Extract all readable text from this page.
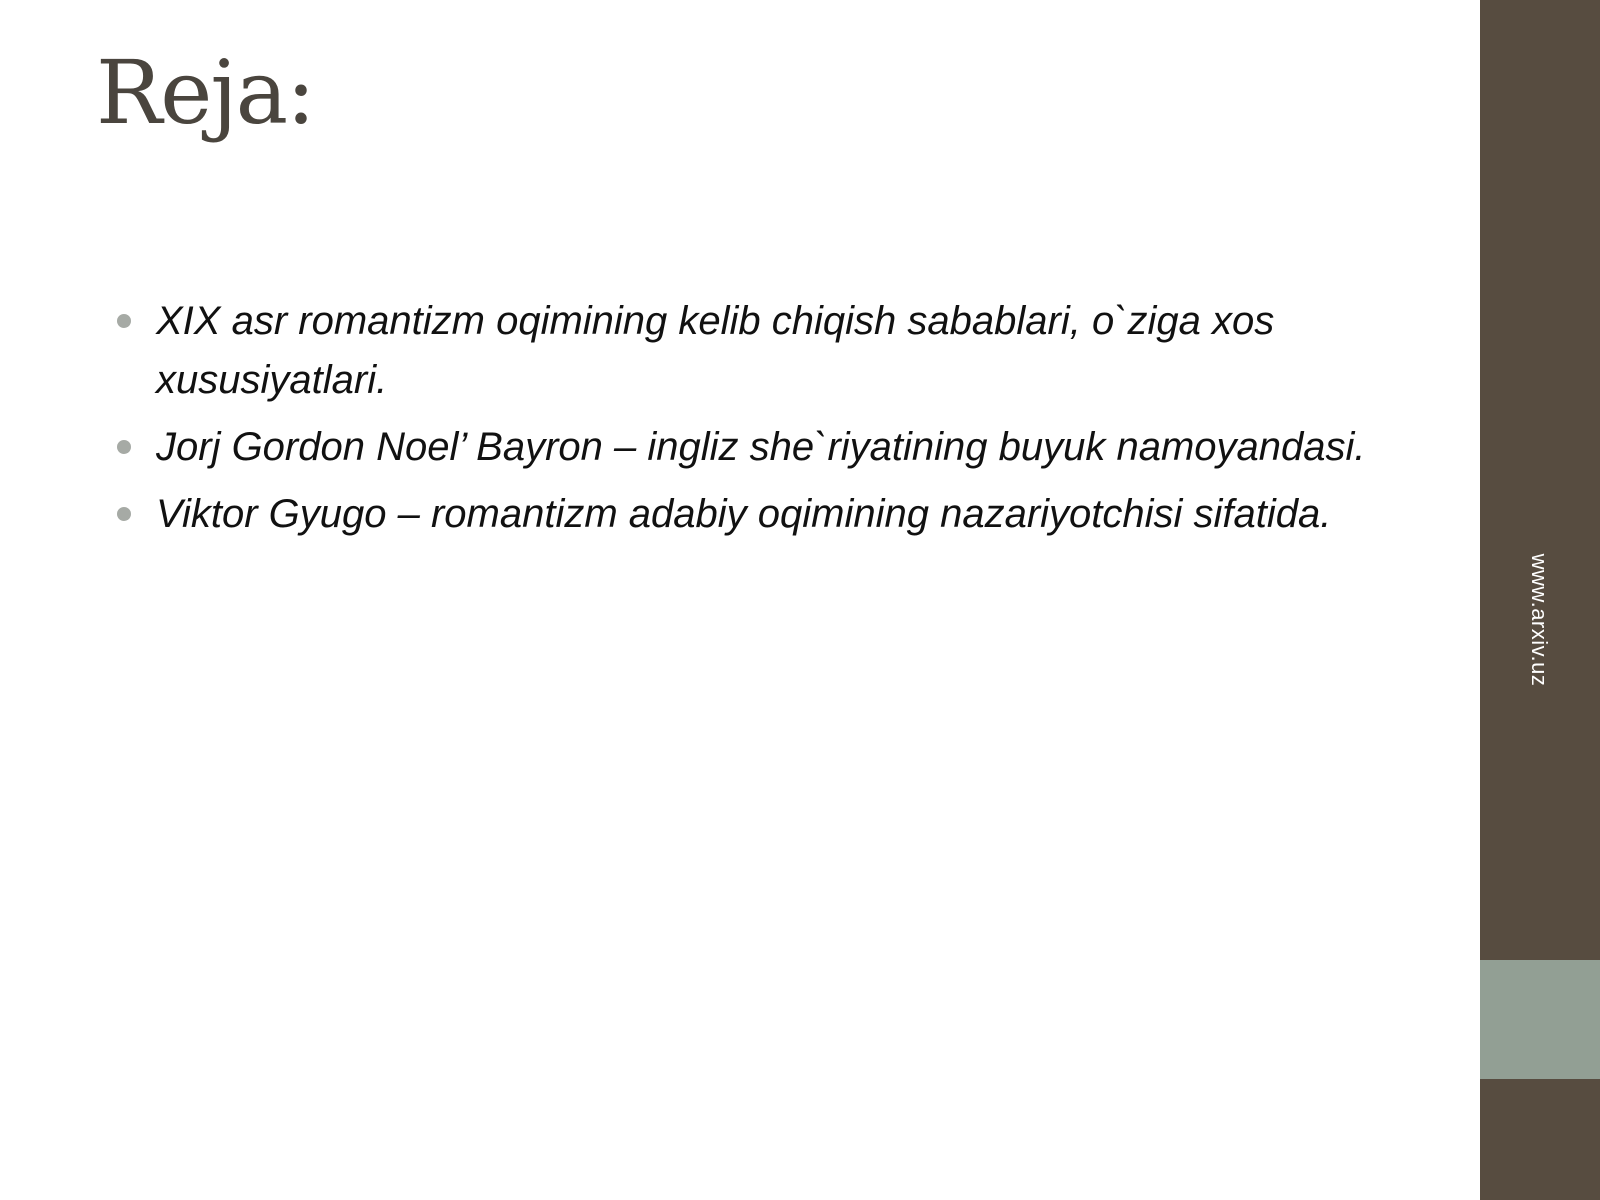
Reja:
XIX asr romantizm oqimining kelib chiqish sabablari, o`ziga xos xususiyatlari.
Jorj Gordon Noel’ Bayron – ingliz she`riyatining buyuk namoyandasi.
Viktor Gyugo – romantizm adabiy oqimining nazariyotchisi sifatida.
www.arxiv.uz
